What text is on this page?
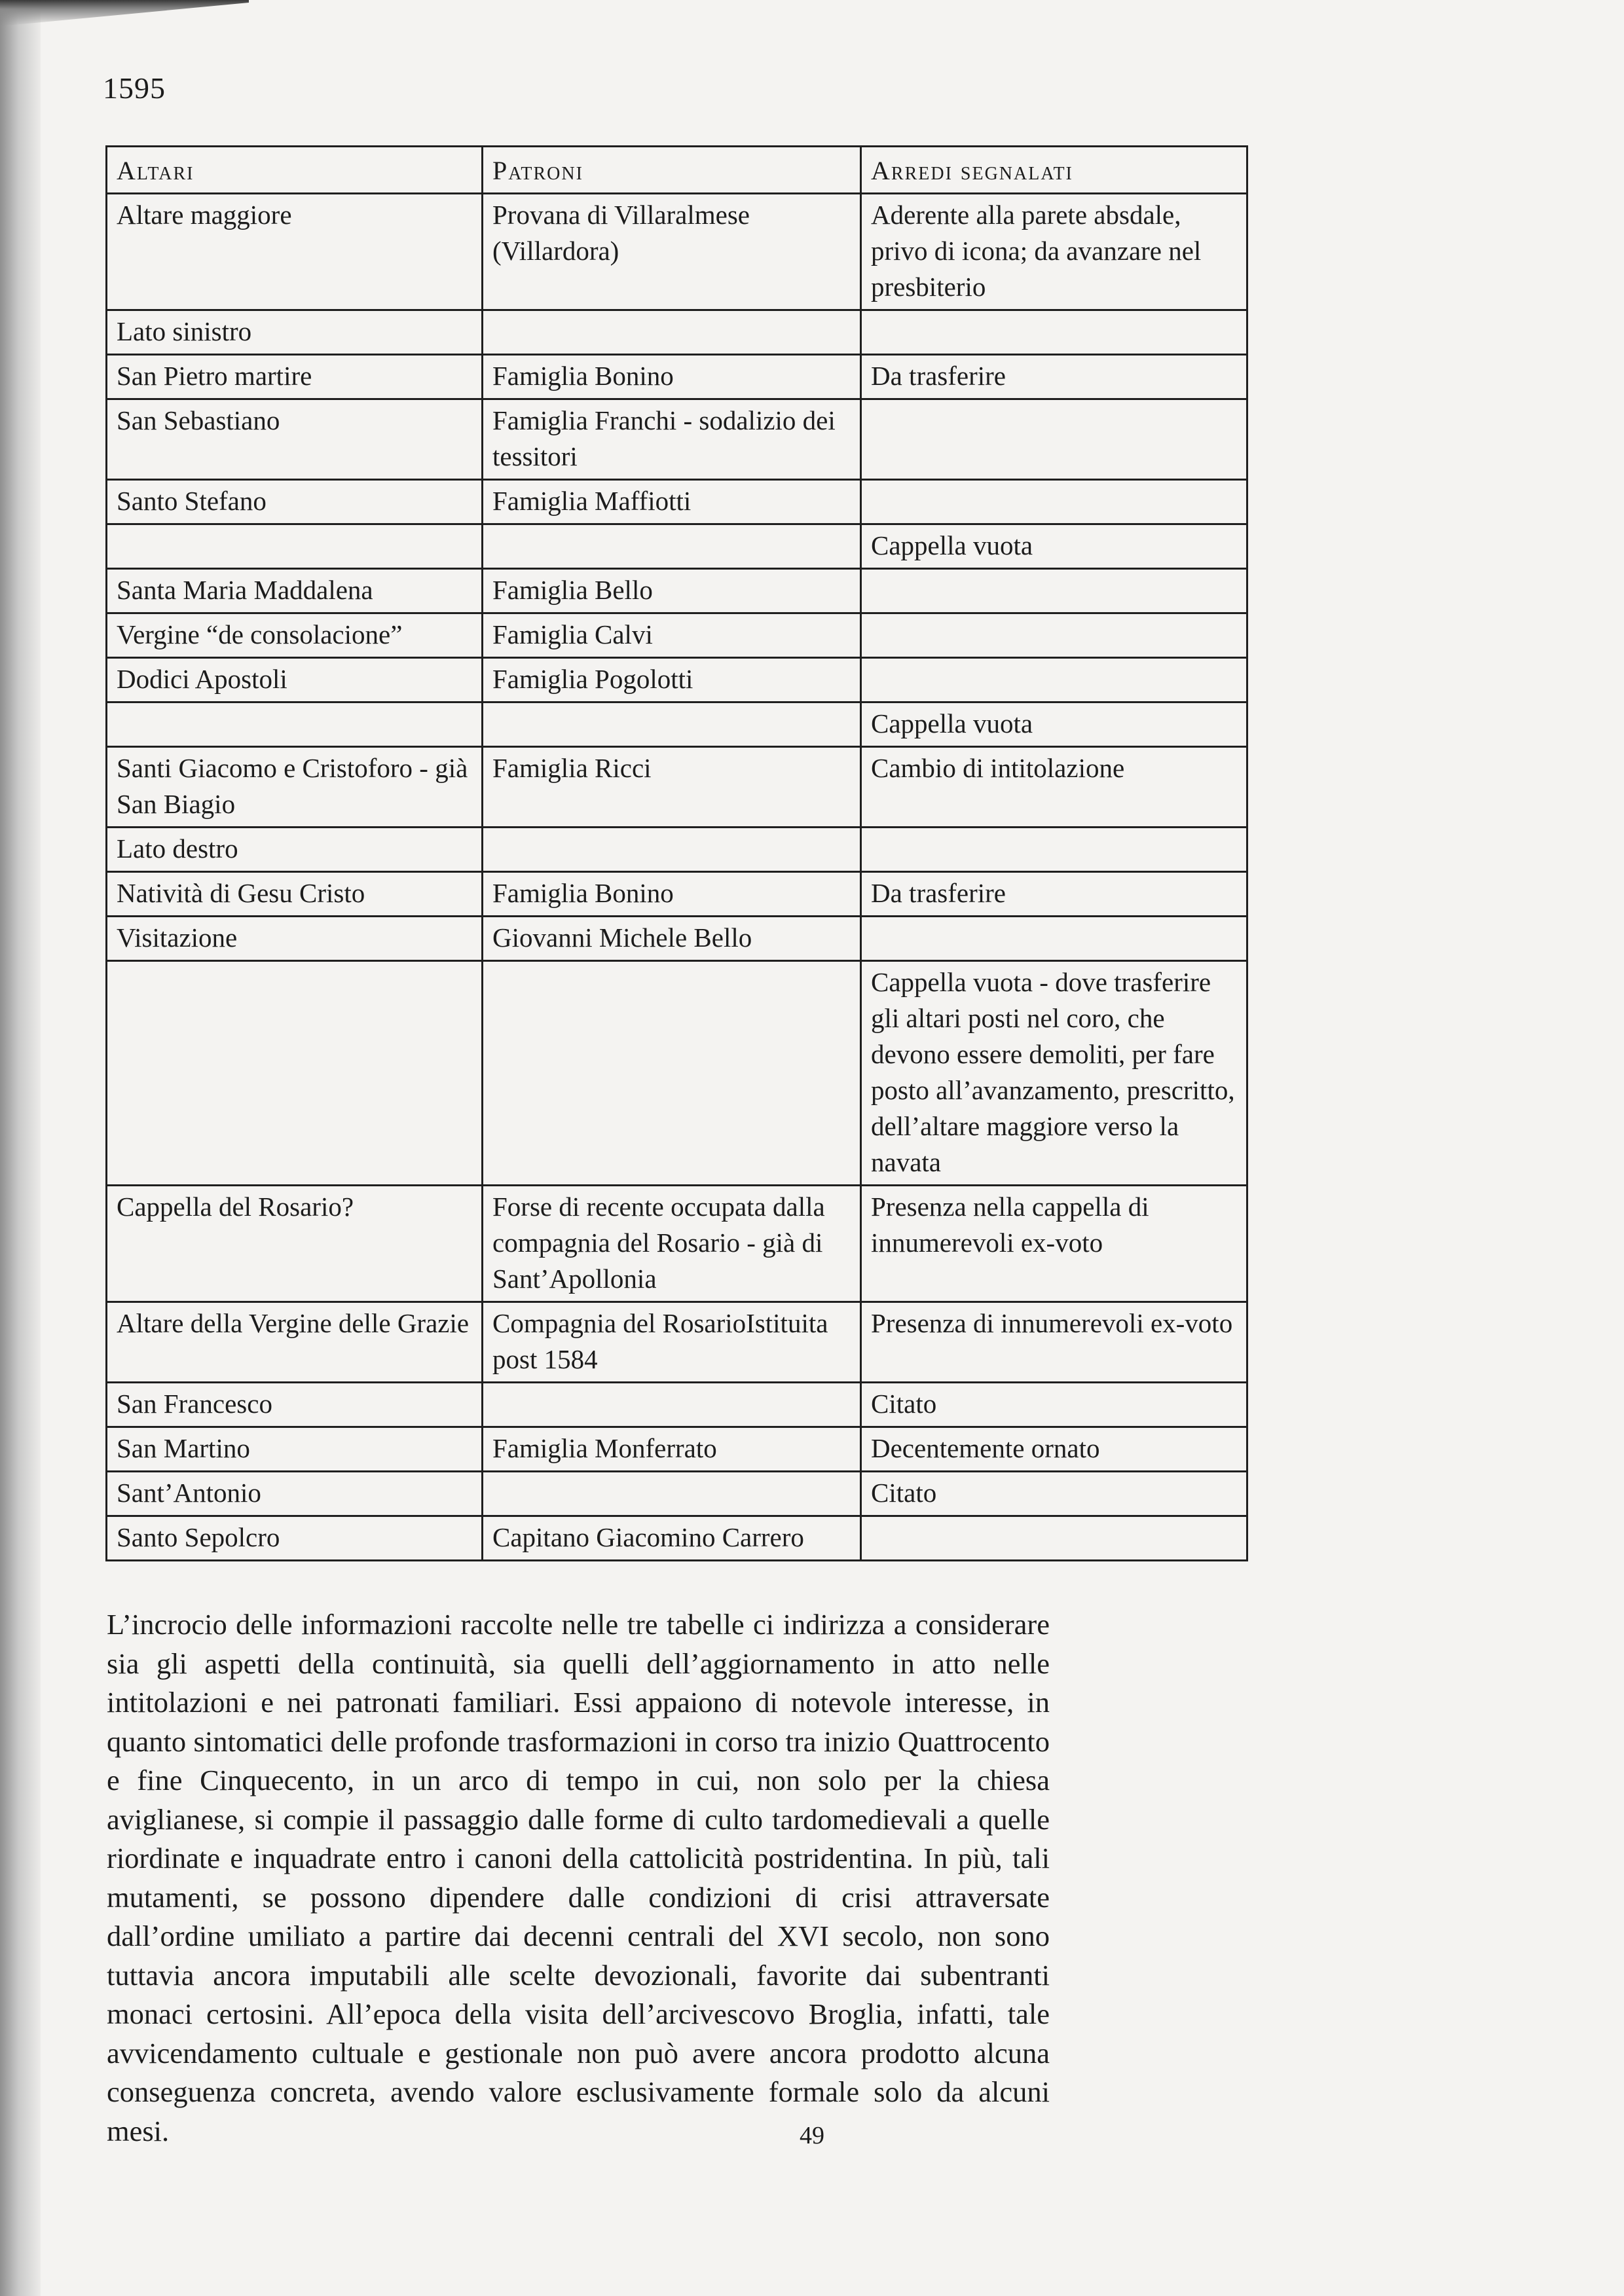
1595
Altari	Patroni	Arredi segnalati
Altare maggiore	Provana di Villaralmese (Villardora)	Aderente alla parete absdale, privo di icona; da avanzare nel presbiterio
Lato sinistro		
San Pietro martire	Famiglia Bonino	Da trasferire
San Sebastiano	Famiglia Franchi - sodalizio dei tessitori	
Santo Stefano	Famiglia Maffiotti	
		Cappella vuota
Santa Maria Maddalena	Famiglia Bello	
Vergine “de consolacione”	Famiglia Calvi	
Dodici Apostoli	Famiglia Pogolotti	
		Cappella vuota
Santi Giacomo e Cristoforo - già San Biagio	Famiglia Ricci	Cambio di intitolazione
Lato destro		
Natività di Gesu Cristo	Famiglia Bonino	Da trasferire
Visitazione	Giovanni Michele Bello	
		Cappella vuota - dove trasferire gli altari posti nel coro, che devono essere demoliti, per fare posto all’avanzamento, prescritto, dell’altare maggiore verso la navata
Cappella del Rosario?	Forse di recente occupata dalla compagnia del Rosario - già di Sant’Apollonia	Presenza nella cappella di innumerevoli ex-voto
Altare della Vergine delle Grazie	Compagnia del RosarioIstituita post 1584	Presenza di innumerevoli ex-voto
San Francesco		Citato
San Martino	Famiglia Monferrato	Decentemente ornato
Sant’Antonio		Citato
Santo Sepolcro	Capitano Giacomino Carrero	
L’incrocio delle informazioni raccolte nelle tre tabelle ci indirizza a considerare sia gli aspetti della continuità, sia quelli dell’aggiornamento in atto nelle intitolazioni e nei patronati familiari. Essi appaiono di notevole interesse, in quanto sintomatici delle profonde trasformazioni in corso tra inizio Quattrocento e fine Cinquecento, in un arco di tempo in cui, non solo per la chiesa aviglianese, si compie il passaggio dalle forme di culto tardomedievali a quelle riordinate e inquadrate entro i canoni della cattolicità postridentina. In più, tali mutamenti, se possono dipendere dalle condizioni di crisi attraversate dall’ordine umiliato a partire dai decenni centrali del XVI secolo, non sono tuttavia ancora imputabili alle scelte devozionali, favorite dai subentranti monaci certosini. All’epoca della visita dell’arcivescovo Broglia, infatti, tale avvicendamento cultuale e gestionale non può avere ancora prodotto alcuna conseguenza concreta, avendo valore esclusivamente formale solo da alcuni mesi.	49
